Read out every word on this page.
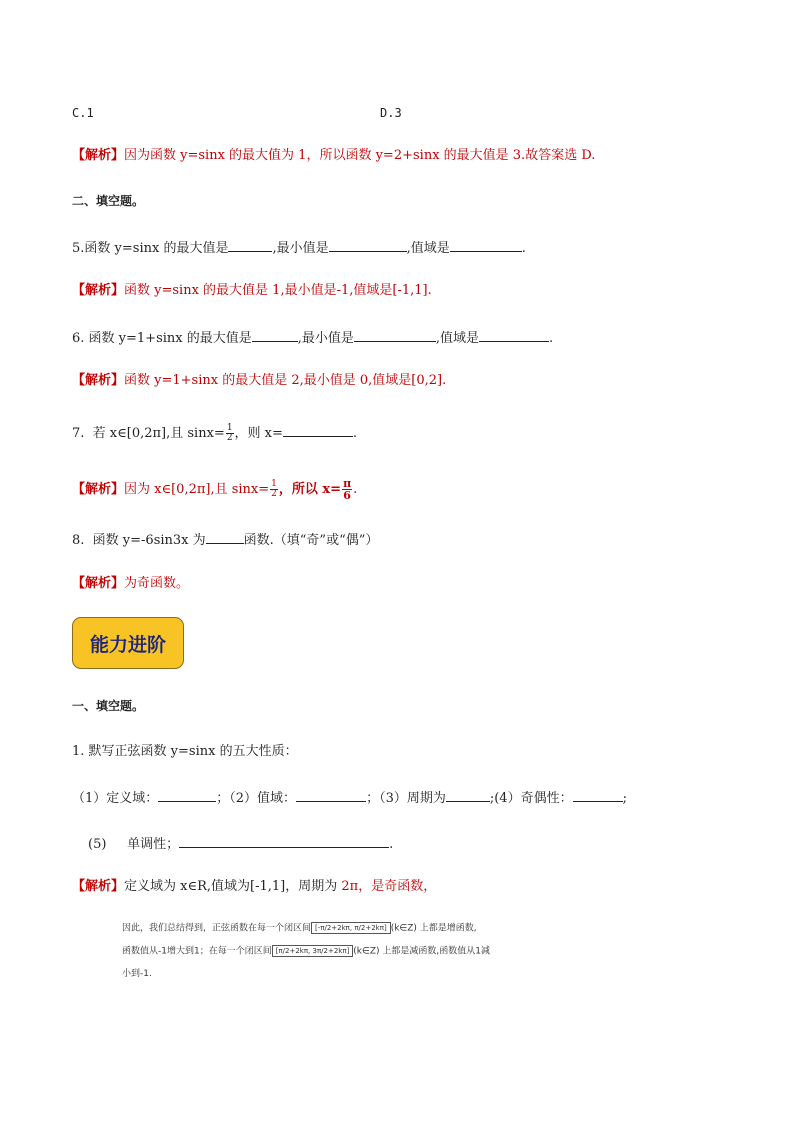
C.1	D.3
【解析】因为函数 y=sinx 的最大值为 1，所以函数 y=2+sinx 的最大值是 3.故答案选 D.
二、填空题。
5.函数 y=sinx 的最大值是	,最小值是	,值域是	.
【解析】函数 y=sinx 的最大值是 1,最小值是-1,值域是[-1,1].
6. 函数 y=1+sinx 的最大值是	,最小值是	,值域是	.
【解析】函数 y=1+sinx 的最大值是 2,最小值是 0,值域是[0,2].
7. 若 x∈[0,2π],且 $\sin x= \frac{1}{2}$ ，则 x=	.
【解析】因为 x∈[0,2π],且 $\sin x= \frac{1}{2}$ ，所以 $x= \frac{\pi}{6}$ .
8. 函数 y=-6sin3x 为	函数.（填“奇”或“偶”）
【解析】为奇函数。
能力进阶
一、填空题。
1. 默写正弦函数 y=sinx 的五大性质：
（1）定义域：	；（2）值域：	；（3）周期为	;(4）奇偶性：	;
(5) 单调性；	.
【解析】定义域为 x∈R,值域为[-1,1]，周期为 2π，是奇函数，
因此，我们总结得到，正弦函数在每一个闭区间 [-π/2+2kπ, π/2+2kπ] (k∈Z) 上都是增函数,
函数值从-1增大到1；在每一个闭区间 [π/2+2kπ, 3π/2+2kπ] (k∈Z) 上都是减函数,函数值从1减
小到-1.
